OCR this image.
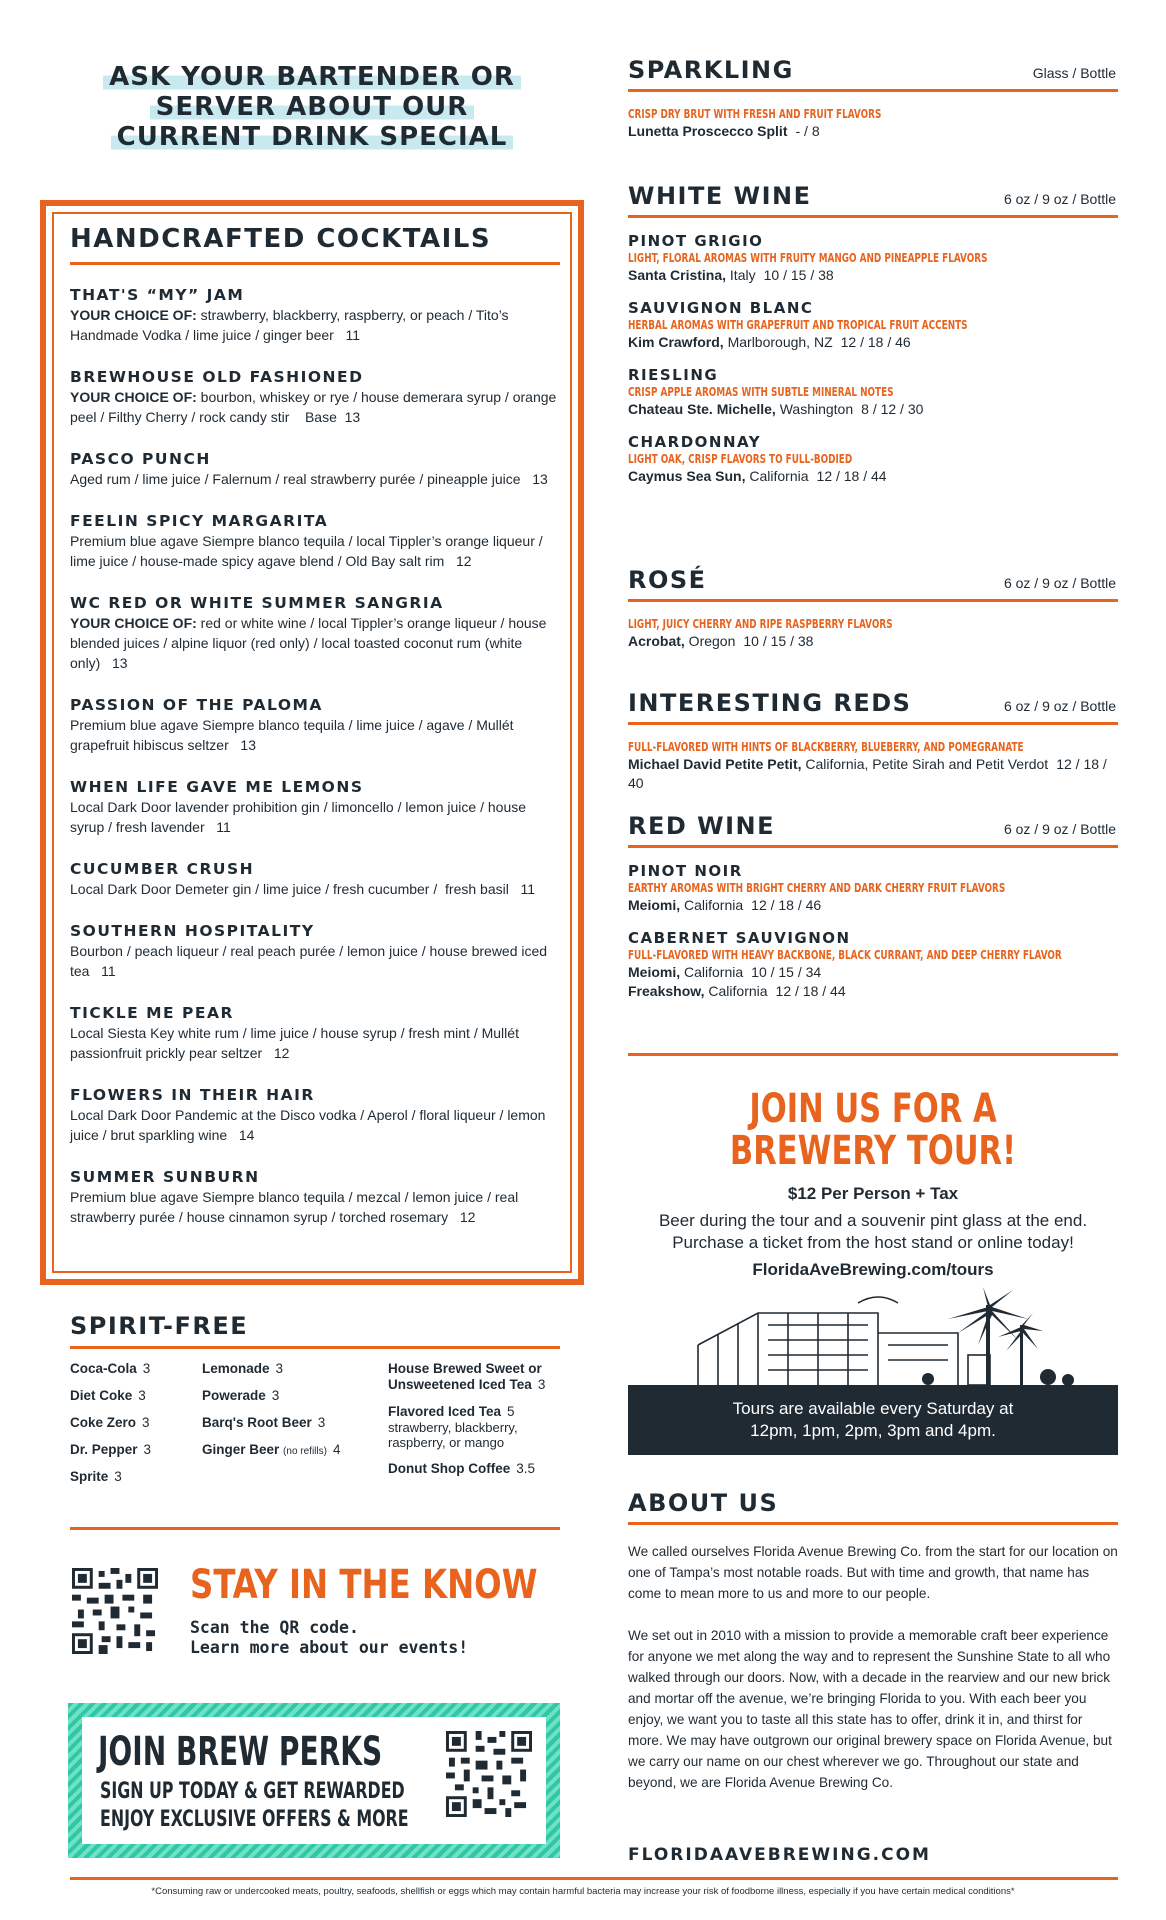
ASK YOUR BARTENDER OR
SERVER ABOUT OUR
CURRENT DRINK SPECIAL
HANDCRAFTED COCKTAILS
THAT'S “MY” JAM
YOUR CHOICE OF: strawberry, blackberry, raspberry, or peach / Tito’s Handmade Vodka / lime juice / ginger beer   11
BREWHOUSE OLD FASHIONED
YOUR CHOICE OF: bourbon, whiskey or rye / house demerara syrup / orange peel / Filthy Cherry / rock candy stir    Base  13
PASCO PUNCH
Aged rum / lime juice / Falernum / real strawberry purée / pineapple juice   13
FEELIN SPICY MARGARITA
Premium blue agave Siempre blanco tequila / local Tippler’s orange liqueur / lime juice / house-made spicy agave blend / Old Bay salt rim   12
WC RED OR WHITE SUMMER SANGRIA
YOUR CHOICE OF: red or white wine / local Tippler’s orange liqueur / house blended juices / alpine liquor (red only) / local toasted coconut rum (white only)   13
PASSION OF THE PALOMA
Premium blue agave Siempre blanco tequila / lime juice / agave / Mullét grapefruit hibiscus seltzer   13
WHEN LIFE GAVE ME LEMONS
Local Dark Door lavender prohibition gin / limoncello / lemon juice / house syrup / fresh lavender   11
CUCUMBER CRUSH
Local Dark Door Demeter gin / lime juice / fresh cucumber /  fresh basil   11
SOUTHERN HOSPITALITY
Bourbon / peach liqueur / real peach purée / lemon juice / house brewed iced tea   11
TICKLE ME PEAR
Local Siesta Key white rum / lime juice / house syrup / fresh mint / Mullét passionfruit prickly pear seltzer   12
FLOWERS IN THEIR HAIR
Local Dark Door Pandemic at the Disco vodka / Aperol / floral liqueur / lemon juice / brut sparkling wine   14
SUMMER SUNBURN
Premium blue agave Siempre blanco tequila / mezcal / lemon juice / real strawberry purée / house cinnamon syrup / torched rosemary   12
SPIRIT-FREE
Coca-Cola 3
Diet Coke 3
Coke Zero 3
Dr. Pepper 3
Sprite 3
Lemonade 3
Powerade 3
Barq's Root Beer 3
Ginger Beer (no refills) 4
House Brewed Sweet or Unsweetened Iced Tea 3
Flavored Iced Tea 5
strawberry, blackberry, raspberry, or mango
Donut Shop Coffee 3.5
STAY IN THE KNOW
Scan the QR code.
Learn more about our events!
JOIN BREW PERKS
SIGN UP TODAY & GET REWARDED
ENJOY EXCLUSIVE OFFERS & MORE
SPARKLING	Glass / Bottle
CRISP DRY BRUT WITH FRESH AND FRUIT FLAVORS
Lunetta Proscecco Split - / 8
WHITE WINE	6 oz / 9 oz / Bottle
PINOT GRIGIO
LIGHT, FLORAL AROMAS WITH FRUITY MANGO AND PINEAPPLE FLAVORS
Santa Cristina, Italy 10 / 15 / 38
SAUVIGNON BLANC
HERBAL AROMAS WITH GRAPEFRUIT AND TROPICAL FRUIT ACCENTS
Kim Crawford, Marlborough, NZ 12 / 18 / 46
RIESLING
CRISP APPLE AROMAS WITH SUBTLE MINERAL NOTES
Chateau Ste. Michelle, Washington 8 / 12 / 30
CHARDONNAY
LIGHT OAK, CRISP FLAVORS TO FULL-BODIED
Caymus Sea Sun, California 12 / 18 / 44
ROSÉ	6 oz / 9 oz / Bottle
LIGHT, JUICY CHERRY AND RIPE RASPBERRY FLAVORS
Acrobat, Oregon 10 / 15 / 38
INTERESTING REDS	6 oz / 9 oz / Bottle
FULL-FLAVORED WITH HINTS OF BLACKBERRY, BLUEBERRY, AND POMEGRANATE
Michael David Petite Petit, California, Petite Sirah and Petit Verdot 12 / 18 / 40
RED WINE	6 oz / 9 oz / Bottle
PINOT NOIR
EARTHY AROMAS WITH BRIGHT CHERRY AND DARK CHERRY FRUIT FLAVORS
Meiomi, California 12 / 18 / 46
CABERNET SAUVIGNON
FULL-FLAVORED WITH HEAVY BACKBONE, BLACK CURRANT, AND DEEP CHERRY FLAVOR
Meiomi, California 10 / 15 / 34
Freakshow, California 12 / 18 / 44
JOIN US FOR A
BREWERY TOUR!
$12 Per Person + Tax
Beer during the tour and a souvenir pint glass at the end.
Purchase a ticket from the host stand or online today!
FloridaAveBrewing.com/tours
Tours are available every Saturday at
12pm, 1pm, 2pm, 3pm and 4pm.
ABOUT US

We called ourselves Florida Avenue Brewing Co. from the start for our location on one of Tampa’s most notable roads. But with time and growth, that name has come to mean more to us and more to our people.

We set out in 2010 with a mission to provide a memorable craft beer experience for anyone we met along the way and to represent the Sunshine State to all who walked through our doors. Now, with a decade in the rearview and our new brick and mortar off the avenue, we’re bringing Florida to you. With each beer you enjoy, we want you to taste all this state has to offer, drink it in, and thirst for more. We may have outgrown our original brewery space on Florida Avenue, but we carry our name on our chest wherever we go. Throughout our state and beyond, we are Florida Avenue Brewing Co.

FLORIDAAVEBREWING.COM
*Consuming raw or undercooked meats, poultry, seafoods, shellfish or eggs which may contain harmful bacteria may increase your risk of foodborne illness, especially if you have certain medical conditions*
